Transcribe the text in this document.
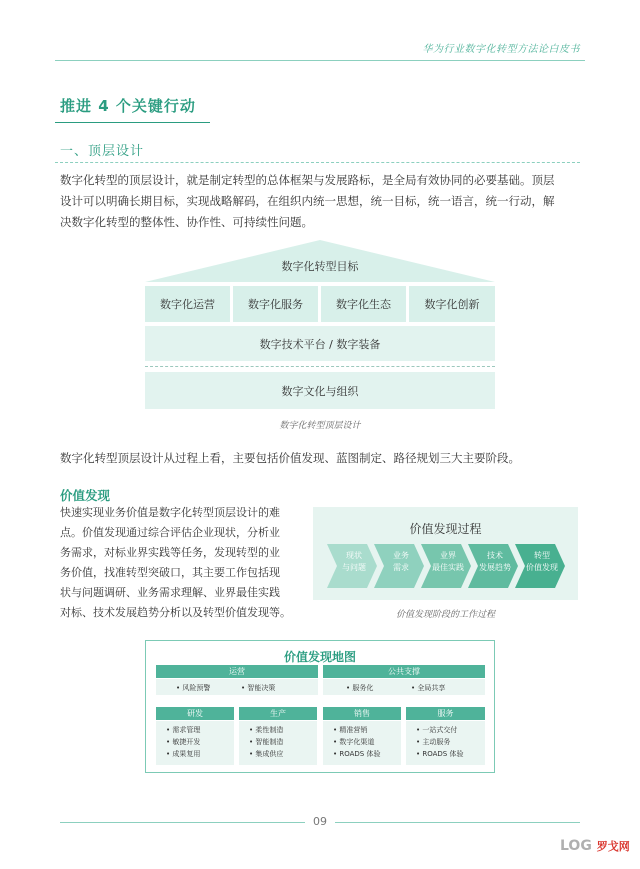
华为行业数字化转型方法论白皮书
推进 4 个关键行动
一、顶层设计
数字化转型的顶层设计，就是制定转型的总体框架与发展路标，是全局有效协同的必要基础。顶层
设计可以明确长期目标，实现战略解码，在组织内统一思想，统一目标，统一语言，统一行动，解
决数字化转型的整体性、协作性、可持续性问题。
数字化转型目标
数字化运营	数字化服务	数字化生态	数字化创新
数字技术平台 / 数字装备
数字文化与组织
数字化转型顶层设计
数字化转型顶层设计从过程上看，主要包括价值发现、蓝图制定、路径规划三大主要阶段。
价值发现
快速实现业务价值是数字化转型顶层设计的难
点。价值发现通过综合评估企业现状，分析业
务需求，对标业界实践等任务，发现转型的业
务价值，找准转型突破口，其主要工作包括现
状与问题调研、业务需求理解、业界最佳实践
对标、技术发展趋势分析以及转型价值发现等。
现状
与问题
业务
需求
业界
最佳实践
技术
发展趋势
转型
价值发现
价值发现过程
价值发现阶段的工作过程
运营	公共支撑
• 风险预警	• 智能决策	• 服务化	• 全局共享
研发	生产	销售	服务
• 需求管理
• 敏捷开发
• 成果复用
• 柔性制造
• 智能制造
• 集成供应
• 精准营销
• 数字化渠道
• ROADS 体验
• 一站式交付
• 主动服务
• ROADS 体验
价值发现地图
09
LOG 罗戈网
